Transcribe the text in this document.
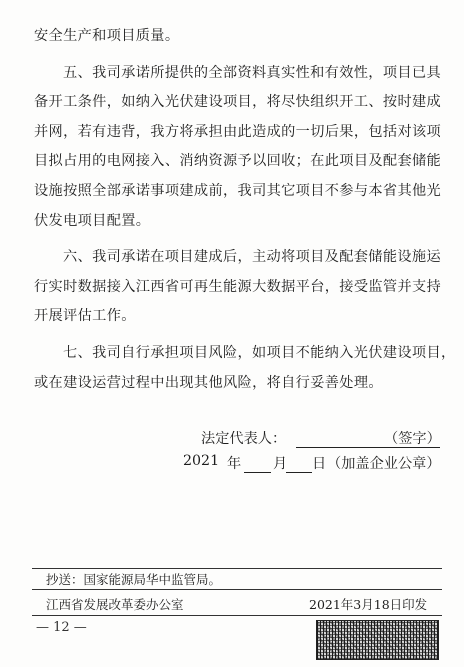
安全生产和项目质量。
五、我司承诺所提供的全部资料真实性和有效性，项目已具
备开工条件，如纳入光伏建设项目，将尽快组织开工、按时建成
并网，若有违背，我方将承担由此造成的一切后果，包括对该项
目拟占用的电网接入、消纳资源予以回收；在此项目及配套储能
设施按照全部承诺事项建成前，我司其它项目不参与本省其他光
伏发电项目配置。
六、我司承诺在项目建成后，主动将项目及配套储能设施运
行实时数据接入江西省可再生能源大数据平台，接受监管并支持
开展评估工作。
七、我司自行承担项目风险，如项目不能纳入光伏建设项目，
或在建设运营过程中出现其他风险，将自行妥善处理。
法定代表人：	（签字）
2021 年 月 日 （加盖企业公章）
抄送：国家能源局华中监管局。
江西省发展改革委办公室	2021年3月18日印发
— 12 —
